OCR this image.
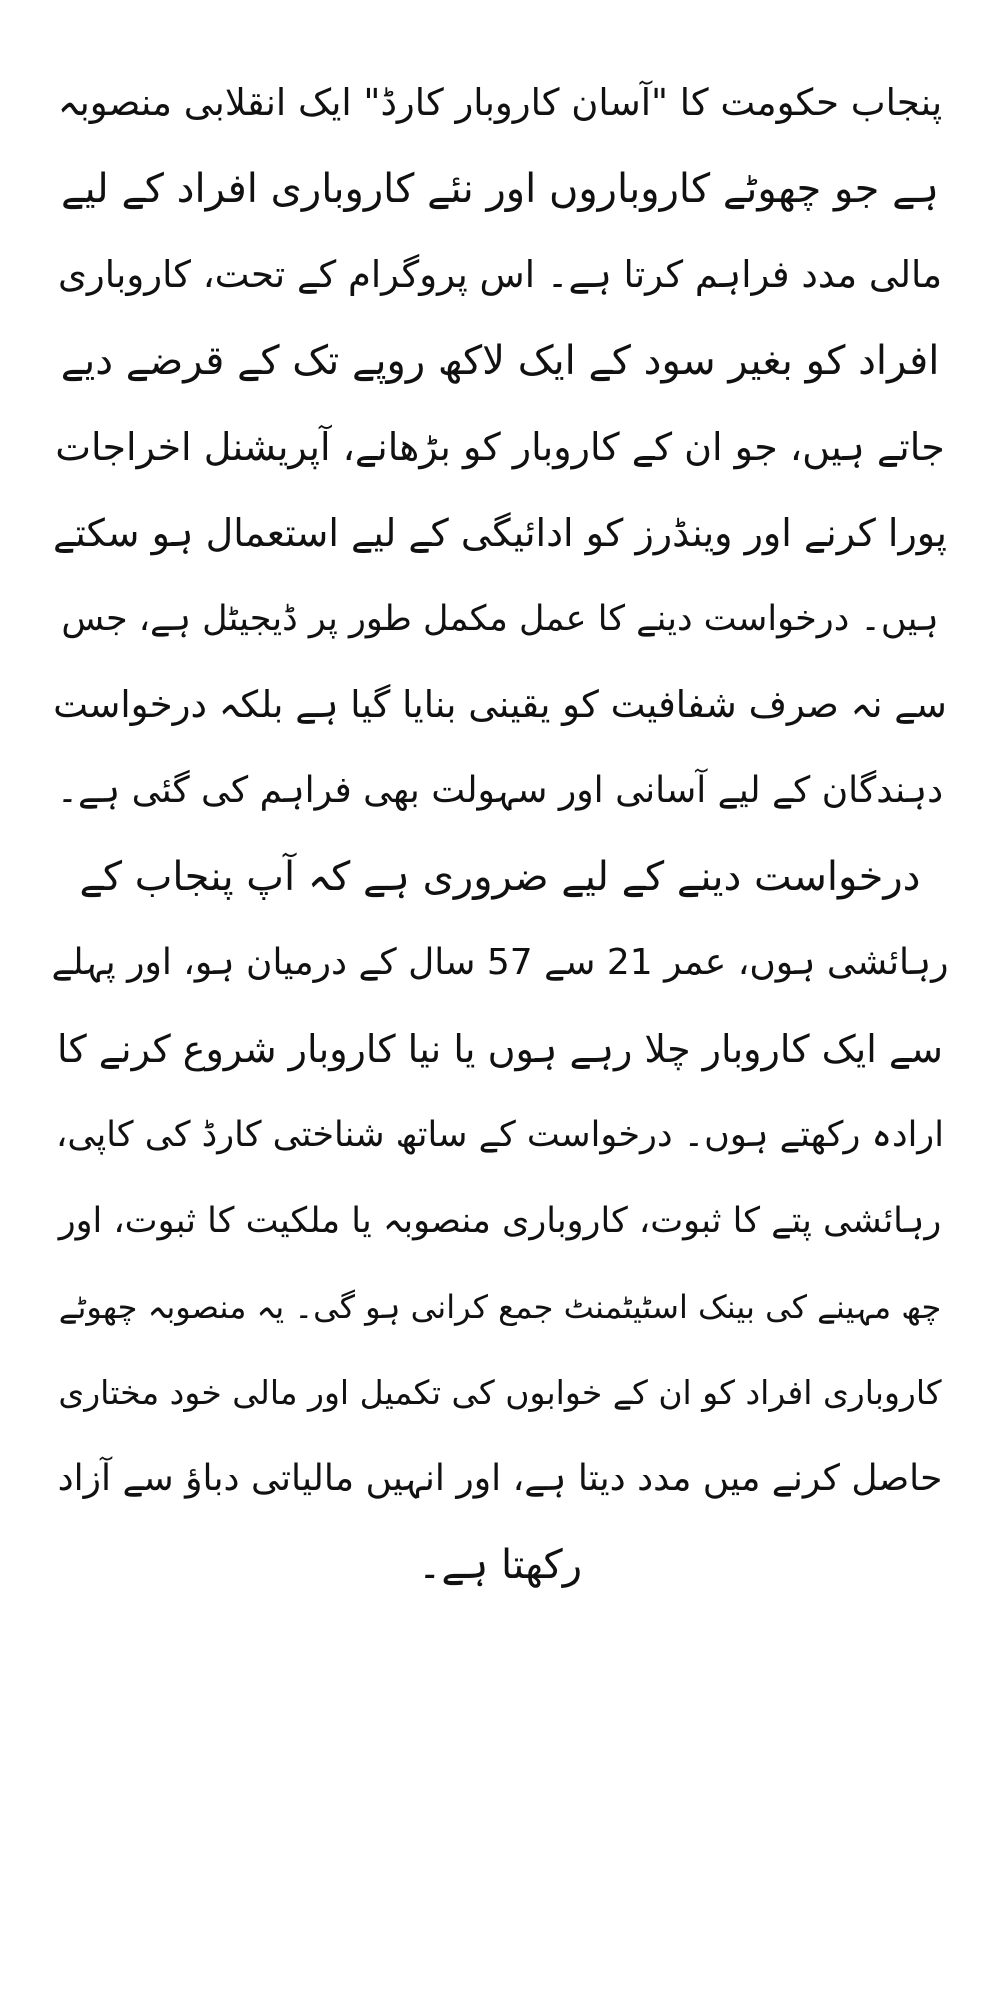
پنجاب حکومت کا "آسان کاروبار کارڈ" ایک انقلابی منصوبہ
ہے جو چھوٹے کاروباروں اور نئے کاروباری افراد کے لیے
مالی مدد فراہم کرتا ہے۔ اس پروگرام کے تحت، کاروباری
افراد کو بغیر سود کے ایک لاکھ روپے تک کے قرضے دیے
جاتے ہیں، جو ان کے کاروبار کو بڑھانے، آپریشنل اخراجات
پورا کرنے اور وینڈرز کو ادائیگی کے لیے استعمال ہو سکتے
ہیں۔ درخواست دینے کا عمل مکمل طور پر ڈیجیٹل ہے، جس
سے نہ صرف شفافیت کو یقینی بنایا گیا ہے بلکہ درخواست
دہندگان کے لیے آسانی اور سہولت بھی فراہم کی گئی ہے۔
درخواست دینے کے لیے ضروری ہے کہ آپ پنجاب کے
رہائشی ہوں، عمر 21 سے 57 سال کے درمیان ہو، اور پہلے
سے ایک کاروبار چلا رہے ہوں یا نیا کاروبار شروع کرنے کا
ارادہ رکھتے ہوں۔ درخواست کے ساتھ شناختی کارڈ کی کاپی،
رہائشی پتے کا ثبوت، کاروباری منصوبہ یا ملکیت کا ثبوت، اور
چھ مہینے کی بینک اسٹیٹمنٹ جمع کرانی ہو گی۔ یہ منصوبہ چھوٹے
کاروباری افراد کو ان کے خوابوں کی تکمیل اور مالی خود مختاری
حاصل کرنے میں مدد دیتا ہے، اور انہیں مالیاتی دباؤ سے آزاد
رکھتا ہے۔
